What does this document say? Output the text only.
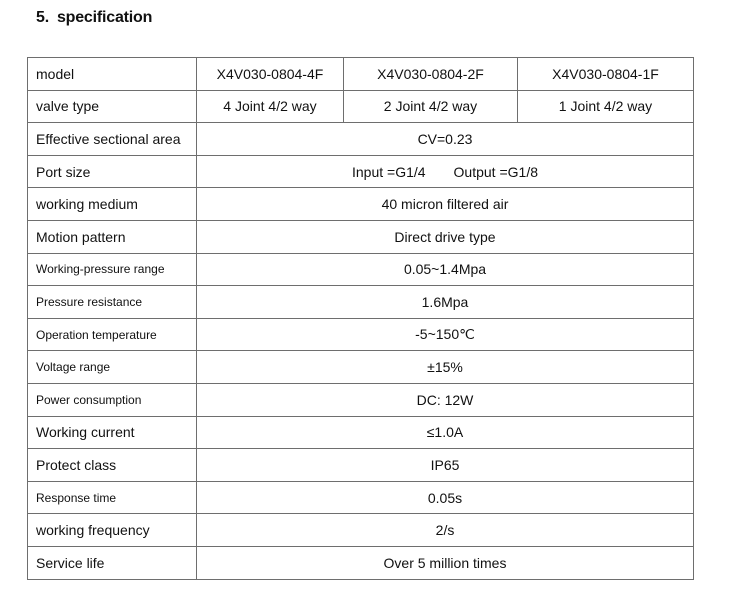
5. specification
model	X4V030-0804-4F	X4V030-0804-2F	X4V030-0804-1F
valve type	4 Joint 4/2 way	2 Joint 4/2 way	1 Joint 4/2 way
Effective sectional area	CV=0.23		
Port size	Input =G1/4 Output =G1/8		
working medium	40 micron filtered air		
Motion pattern	Direct drive type		
Working-pressure range	0.05~1.4Mpa		
Pressure resistance	1.6Mpa		
Operation temperature	-5~150℃		
Voltage range	±15%		
Power consumption	DC: 12W		
Working current	≤1.0A		
Protect class	IP65		
Response time	0.05s		
working frequency	2/s		
Service life	Over 5 million times		
